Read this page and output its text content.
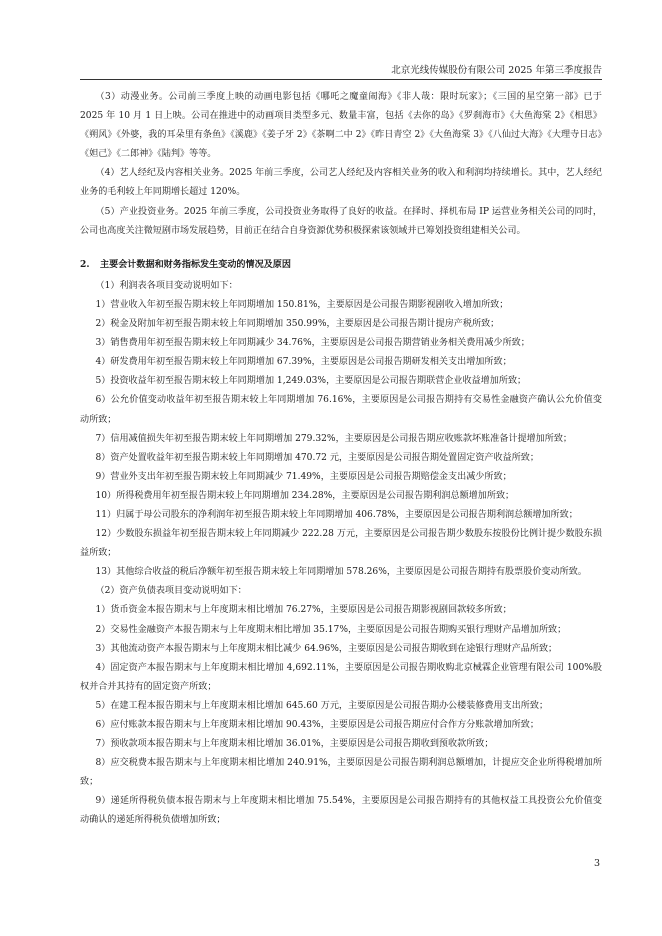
北京光线传媒股份有限公司 2025 年第三季度报告

（3）动漫业务。公司前三季度上映的动画电影包括《哪吒之魔童闹海》《非人哉：限时玩家》；《三国的星空第一部》已于 2025 年 10 月 1 日上映。公司在推进中的动画项目类型多元、数量丰富，包括《去你的岛》《罗刹海市》《大鱼海棠 2》《相思》《朔风》《外婆，我的耳朵里有条鱼》《溪鹿》《姜子牙 2》《茶啊二中 2》《昨日青空 2》《大鱼海棠 3》《八仙过大海》《大理寺日志》《妲己》《二郎神》《陆判》等等。

（4）艺人经纪及内容相关业务。2025 年前三季度，公司艺人经纪及内容相关业务的收入和利润均持续增长。其中，艺人经纪业务的毛利较上年同期增长超过 120%。

（5）产业投资业务。2025 年前三季度，公司投资业务取得了良好的收益。在择时、择机布局 IP 运营业务相关公司的同时，公司也高度关注微短剧市场发展趋势，目前正在结合自身资源优势积极探索该领域并已筹划投资组建相关公司。

2. 主要会计数据和财务指标发生变动的情况及原因

（1）利润表各项目变动说明如下：

1）营业收入年初至报告期末较上年同期增加 150.81%，主要原因是公司报告期影视剧收入增加所致；

2）税金及附加年初至报告期末较上年同期增加 350.99%，主要原因是公司报告期计提房产税所致；

3）销售费用年初至报告期末较上年同期减少 34.76%，主要原因是公司报告期营销业务相关费用减少所致；

4）研发费用年初至报告期末较上年同期增加 67.39%，主要原因是公司报告期研发相关支出增加所致；

5）投资收益年初至报告期末较上年同期增加 1,249.03%，主要原因是公司报告期联营企业收益增加所致；

6）公允价值变动收益年初至报告期末较上年同期增加 76.16%，主要原因是公司报告期持有交易性金融资产确认公允价值变动所致；

7）信用减值损失年初至报告期末较上年同期增加 279.32%，主要原因是公司报告期应收账款坏账准备计提增加所致；

8）资产处置收益年初至报告期末较上年同期增加 470.72 元，主要原因是公司报告期处置固定资产收益所致；

9）营业外支出年初至报告期末较上年同期减少 71.49%，主要原因是公司报告期赔偿金支出减少所致；

10）所得税费用年初至报告期末较上年同期增加 234.28%，主要原因是公司报告期利润总额增加所致；

11）归属于母公司股东的净利润年初至报告期末较上年同期增加 406.78%，主要原因是公司报告期利润总额增加所致；

12）少数股东损益年初至报告期末较上年同期减少 222.28 万元，主要原因是公司报告期少数股东按股份比例计提少数股东损益所致；

13）其他综合收益的税后净额年初至报告期末较上年同期增加 578.26%，主要原因是公司报告期持有股票股价变动所致。

（2）资产负债表项目变动说明如下：

1）货币资金本报告期末与上年度期末相比增加 76.27%，主要原因是公司报告期影视剧回款较多所致；

2）交易性金融资产本报告期末与上年度期末相比增加 35.17%，主要原因是公司报告期购买银行理财产品增加所致；

3）其他流动资产本报告期末与上年度期末相比减少 64.96%，主要原因是公司报告期收到在途银行理财产品所致；

4）固定资产本报告期末与上年度期末相比增加 4,692.11%，主要原因是公司报告期收购北京械霖企业管理有限公司 100%股权并合并其持有的固定资产所致；

5）在建工程本报告期末与上年度期末相比增加 645.60 万元，主要原因是公司报告期办公楼装修费用支出所致；

6）应付账款本报告期末与上年度期末相比增加 90.43%，主要原因是公司报告期应付合作方分账款增加所致；

7）预收款项本报告期末与上年度期末相比增加 36.01%，主要原因是公司报告期收到预收款所致；

8）应交税费本报告期末与上年度期末相比增加 240.91%，主要原因是公司报告期利润总额增加，计提应交企业所得税增加所致；

9）递延所得税负债本报告期末与上年度期末相比增加 75.54%，主要原因是公司报告期持有的其他权益工具投资公允价值变动确认的递延所得税负债增加所致；

3
